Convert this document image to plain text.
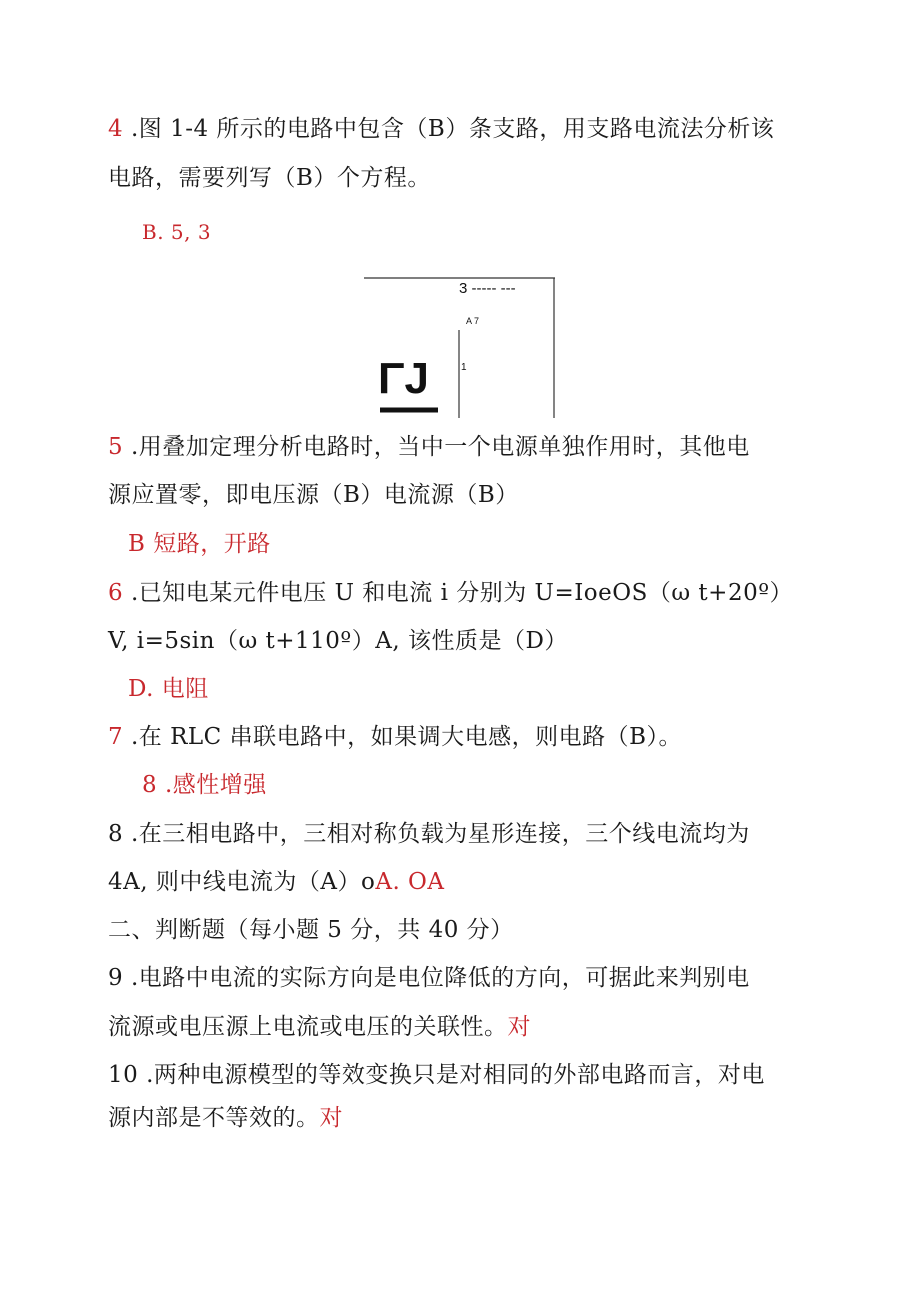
4 .图 1-4 所示的电路中包含（B）条支路，用支路电流法分析该
电路，需要列写（B）个方程。
B. 5, 3
3 ----- ---
A 7
1
ΓJ
5 .用叠加定理分析电路时，当中一个电源单独作用时，其他电
源应置零，即电压源（B）电流源（B）
B 短路，开路
6 .已知电某元件电压 U 和电流 i 分别为 U=IoeOS（ω t+20º）
V, i=5sin（ω t+110º）A, 该性质是（D）
D. 电阻
7 .在 RLC 串联电路中，如果调大电感，则电路（B）。
8 .感性增强
8 .在三相电路中，三相对称负载为星形连接，三个线电流均为
4A, 则中线电流为（A）oA. OA
二、判断题（每小题 5 分，共 40 分）
9 .电路中电流的实际方向是电位降低的方向，可据此来判别电
流源或电压源上电流或电压的关联性。对
10 .两种电源模型的等效变换只是对相同的外部电路而言，对电
源内部是不等效的。对
